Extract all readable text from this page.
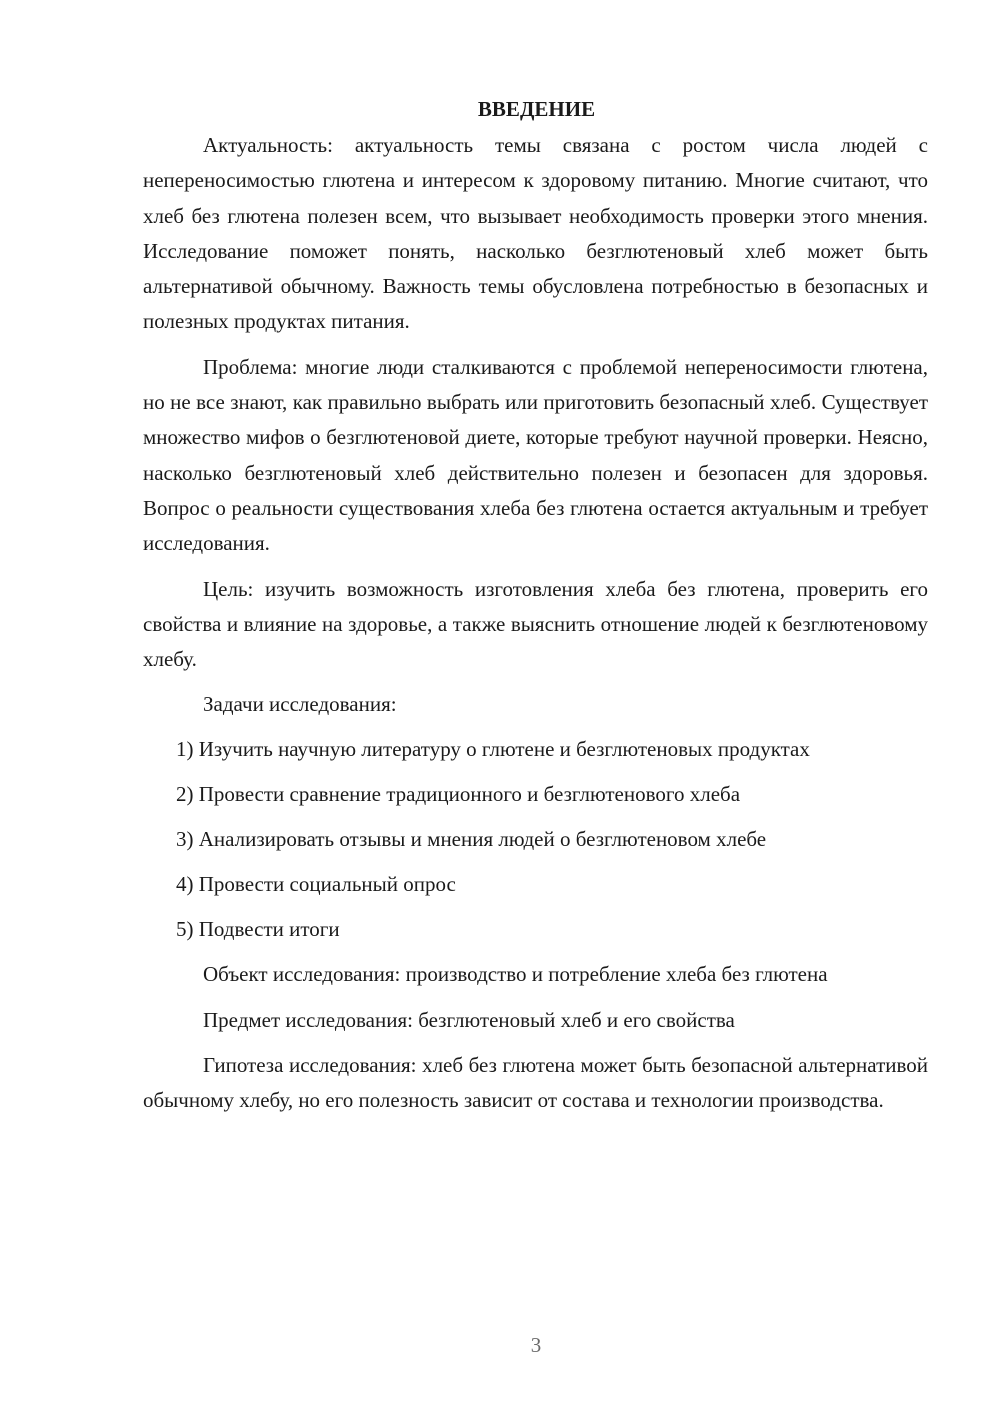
ВВЕДЕНИЕ

Актуальность: актуальность темы связана с ростом числа людей с непереносимостью глютена и интересом к здоровому питанию. Многие считают, что хлеб без глютена полезен всем, что вызывает необходимость проверки этого мнения. Исследование поможет понять, насколько безглютеновый хлеб может быть альтернативой обычному. Важность темы обусловлена потребностью в безопасных и полезных продуктах питания.

Проблема: многие люди сталкиваются с проблемой непереносимости глютена, но не все знают, как правильно выбрать или приготовить безопасный хлеб. Существует множество мифов о безглютеновой диете, которые требуют научной проверки. Неясно, насколько безглютеновый хлеб действительно полезен и безопасен для здоровья. Вопрос о реальности существования хлеба без глютена остается актуальным и требует исследования.

Цель: изучить возможность изготовления хлеба без глютена, проверить его свойства и влияние на здоровье, а также выяснить отношение людей к безглютеновому хлебу.

Задачи исследования:

1) Изучить научную литературу о глютене и безглютеновых продуктах
2) Провести сравнение традиционного и безглютенового хлеба
3) Анализировать отзывы и мнения людей о безглютеновом хлебе
4) Провести социальный опрос
5) Подвести итоги

Объект исследования: производство и потребление хлеба без глютена

Предмет исследования: безглютеновый хлеб и его свойства

Гипотеза исследования: хлеб без глютена может быть безопасной альтернативой обычному хлебу, но его полезность зависит от состава и технологии производства.

3
